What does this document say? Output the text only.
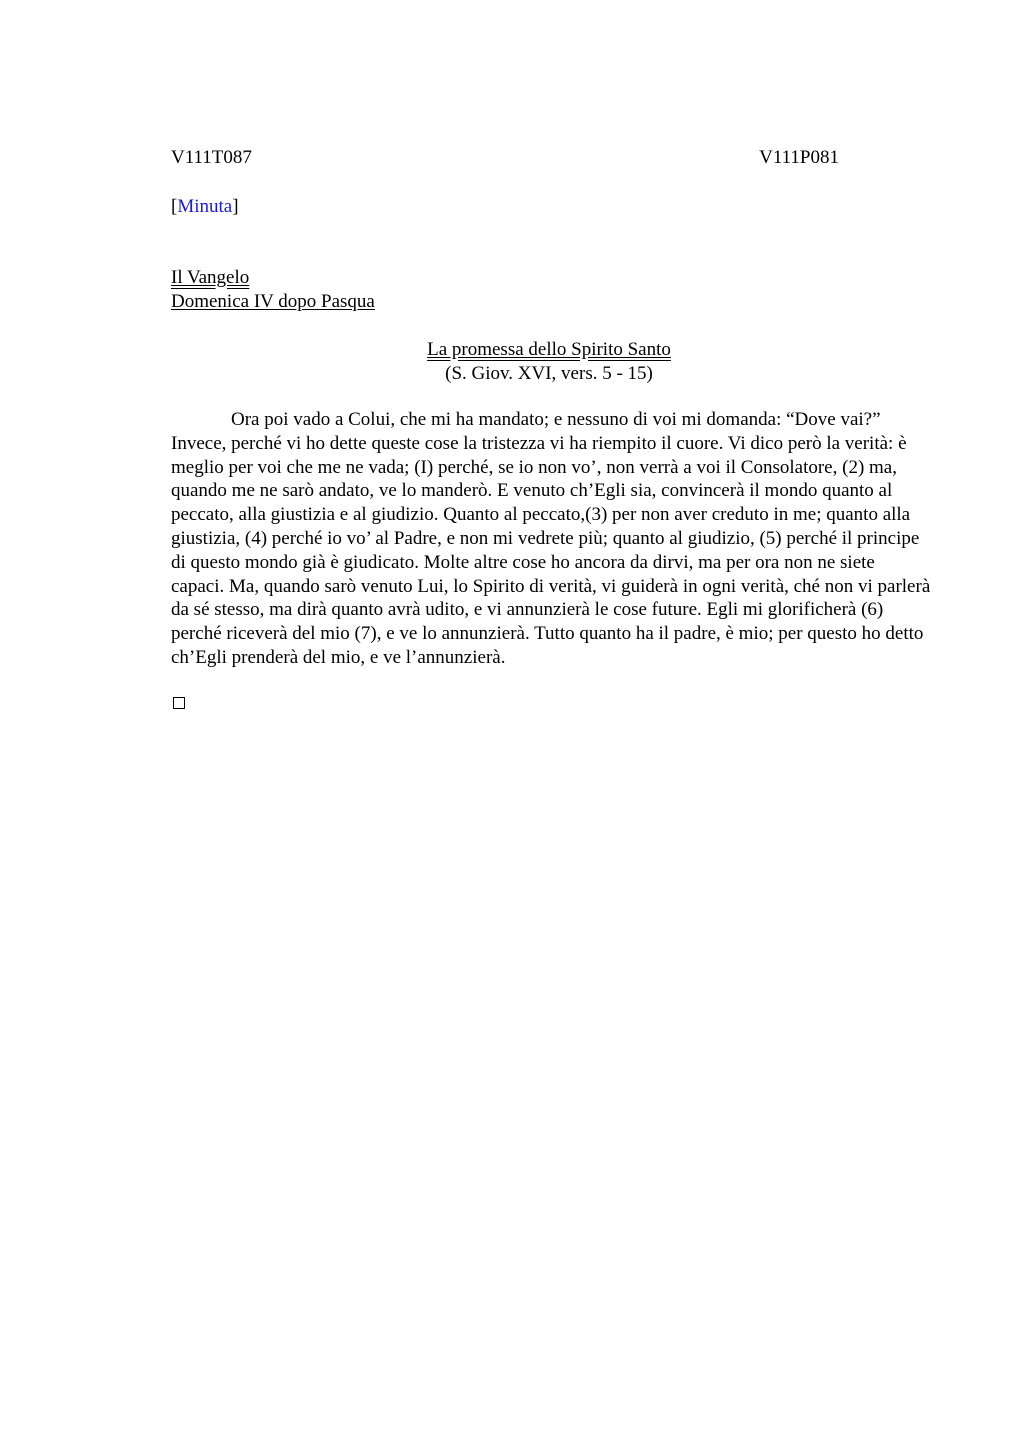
V111T087	V111P081
[Minuta]
Il Vangelo
Domenica IV dopo Pasqua
La promessa dello Spirito Santo
(S. Giov. XVI, vers. 5 - 15)

Ora poi vado a Colui, che mi ha mandato; e nessuno di voi mi domanda: “Dove vai?” Invece, perché vi ho dette queste cose la tristezza vi ha riempito il cuore. Vi dico però la verità: è meglio per voi che me ne vada; (I) perché, se io non vo’, non verrà a voi il Consolatore, (2) ma, quando me ne sarò andato, ve lo manderò. E venuto ch’Egli sia, convincerà il mondo quanto al peccato, alla giustizia e al giudizio. Quanto al peccato,(3) per non aver creduto in me; quanto alla giustizia, (4) perché io vo’ al Padre, e non mi vedrete più; quanto al giudizio, (5) perché il principe di questo mondo già è giudicato. Molte altre cose ho ancora da dirvi, ma per ora non ne siete capaci. Ma, quando sarò venuto Lui, lo Spirito di verità, vi guiderà in ogni verità, ché non vi parlerà da sé stesso, ma dirà quanto avrà udito, e vi annunzierà le cose future. Egli mi glorificherà (6) perché riceverà del mio (7), e ve lo annunzierà. Tutto quanto ha il padre, è mio; per questo ho detto ch’Egli prenderà del mio, e ve l’annunzierà.
